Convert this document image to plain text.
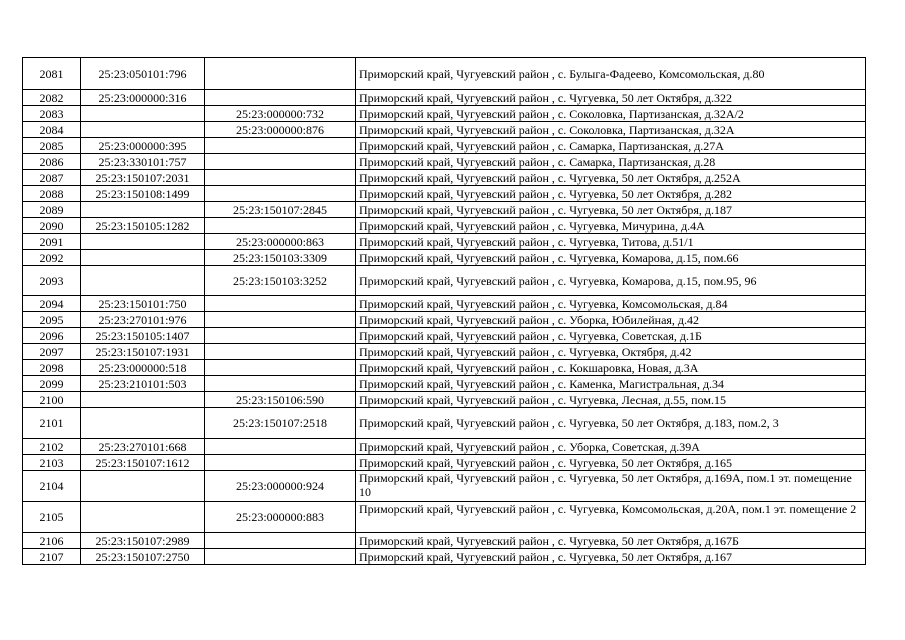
2081	25:23:050101:796		Приморский край, Чугуевский район , с. Булыга-Фадеево, Комсомольская, д.80
2082	25:23:000000:316		Приморский край, Чугуевский район , с. Чугуевка, 50 лет Октября, д.322
2083		25:23:000000:732	Приморский край, Чугуевский район , с. Соколовка, Партизанская, д.32А/2
2084		25:23:000000:876	Приморский край, Чугуевский район , с. Соколовка, Партизанская, д.32А
2085	25:23:000000:395		Приморский край, Чугуевский район , с. Самарка, Партизанская, д.27А
2086	25:23:330101:757		Приморский край, Чугуевский район , с. Самарка, Партизанская, д.28
2087	25:23:150107:2031		Приморский край, Чугуевский район , с. Чугуевка, 50 лет Октября, д.252А
2088	25:23:150108:1499		Приморский край, Чугуевский район , с. Чугуевка, 50 лет Октября, д.282
2089		25:23:150107:2845	Приморский край, Чугуевский район , с. Чугуевка, 50 лет Октября, д.187
2090	25:23:150105:1282		Приморский край, Чугуевский район , с. Чугуевка, Мичурина, д.4А
2091		25:23:000000:863	Приморский край, Чугуевский район , с. Чугуевка, Титова, д.51/1
2092		25:23:150103:3309	Приморский край, Чугуевский район , с. Чугуевка, Комарова, д.15, пом.66
2093		25:23:150103:3252	Приморский край, Чугуевский район , с. Чугуевка, Комарова, д.15, пом.95, 96
2094	25:23:150101:750		Приморский край, Чугуевский район , с. Чугуевка, Комсомольская, д.84
2095	25:23:270101:976		Приморский край, Чугуевский район , с. Уборка, Юбилейная, д.42
2096	25:23:150105:1407		Приморский край, Чугуевский район , с. Чугуевка, Советская, д.1Б
2097	25:23:150107:1931		Приморский край, Чугуевский район , с. Чугуевка, Октября, д.42
2098	25:23:000000:518		Приморский край, Чугуевский район , с. Кокшаровка, Новая, д.3А
2099	25:23:210101:503		Приморский край, Чугуевский район , с. Каменка, Магистральная, д.34
2100		25:23:150106:590	Приморский край, Чугуевский район , с. Чугуевка, Лесная, д.55, пом.15
2101		25:23:150107:2518	Приморский край, Чугуевский район , с. Чугуевка, 50 лет Октября, д.183, пом.2, 3
2102	25:23:270101:668		Приморский край, Чугуевский район , с. Уборка, Советская, д.39А
2103	25:23:150107:1612		Приморский край, Чугуевский район , с. Чугуевка, 50 лет Октября, д.165
2104		25:23:000000:924	Приморский край, Чугуевский район , с. Чугуевка, 50 лет Октября, д.169А, пом.1 эт. помещение 10
2105		25:23:000000:883	Приморский край, Чугуевский район , с. Чугуевка, Комсомольская, д.20А, пом.1 эт. помещение 2
2106	25:23:150107:2989		Приморский край, Чугуевский район , с. Чугуевка, 50 лет Октября, д.167Б
2107	25:23:150107:2750		Приморский край, Чугуевский район , с. Чугуевка, 50 лет Октября, д.167
